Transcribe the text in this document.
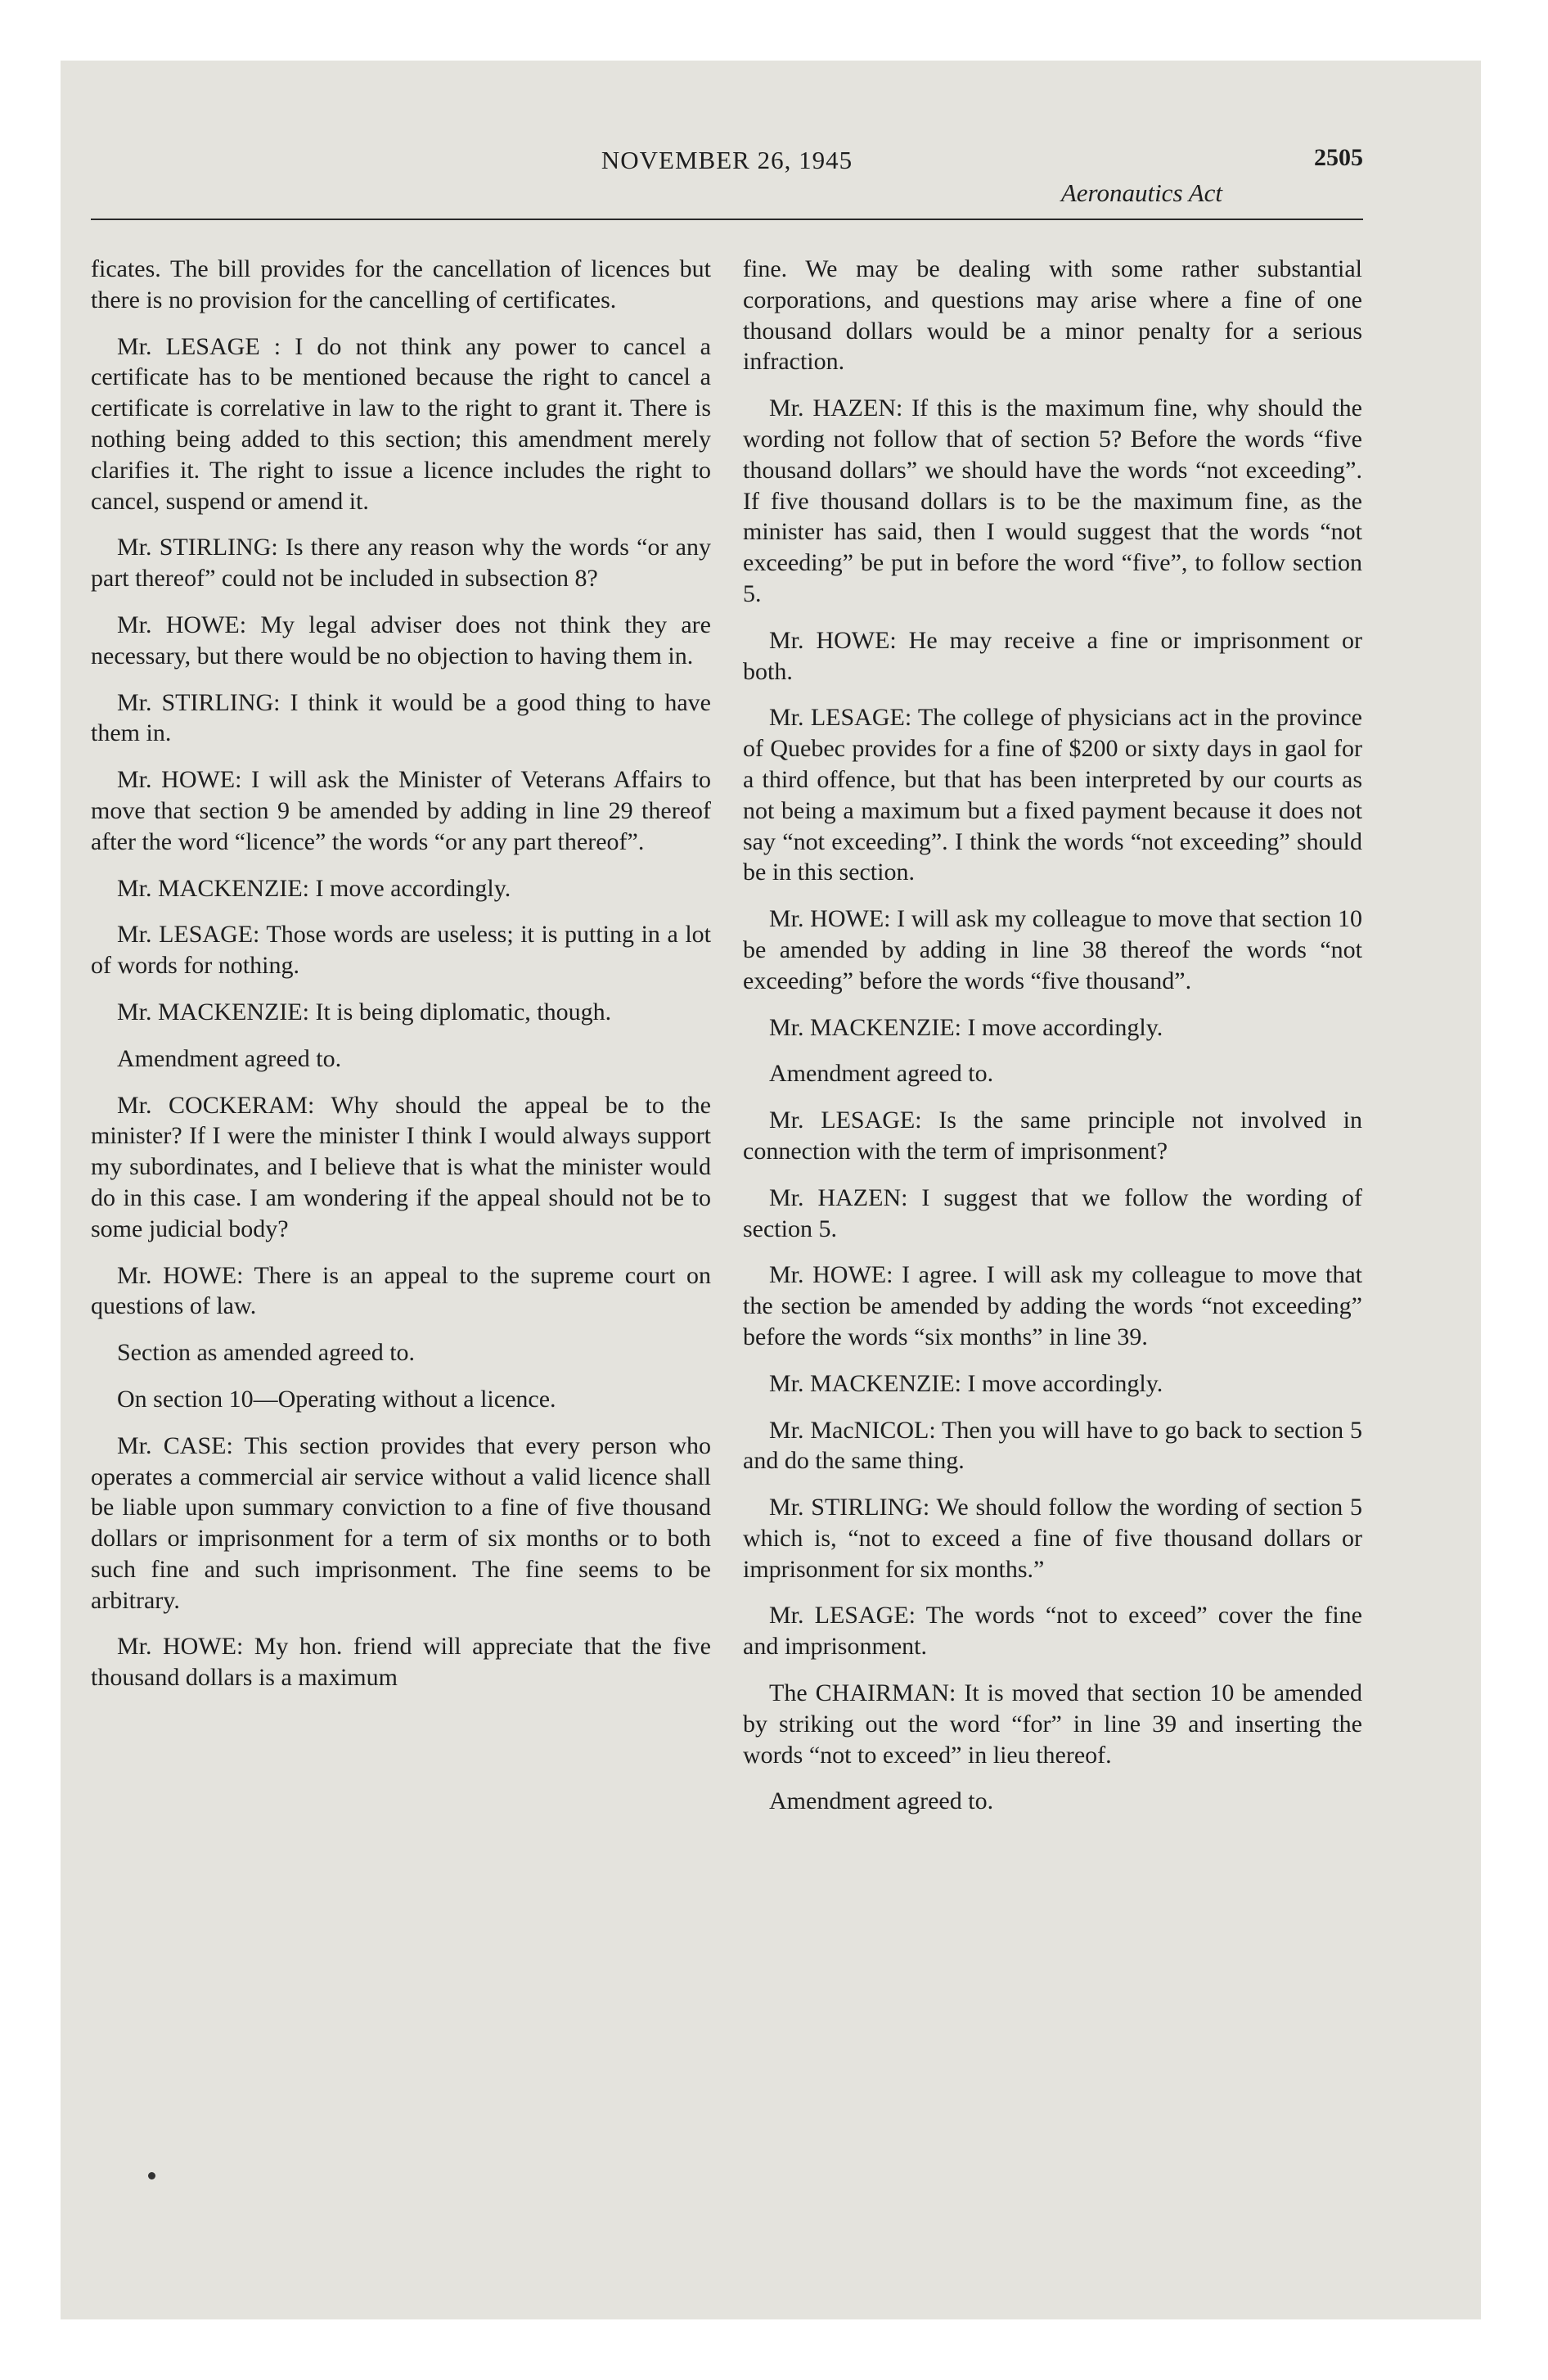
NOVEMBER 26, 1945	2505
Aeronautics Act

ficates. The bill provides for the cancellation of licences but there is no provision for the cancelling of certificates.

Mr. LESAGE : I do not think any power to cancel a certificate has to be mentioned because the right to cancel a certificate is correlative in law to the right to grant it. There is nothing being added to this section; this amendment merely clarifies it. The right to issue a licence includes the right to cancel, suspend or amend it.

Mr. STIRLING: Is there any reason why the words “or any part thereof” could not be included in subsection 8?

Mr. HOWE: My legal adviser does not think they are necessary, but there would be no objection to having them in.

Mr. STIRLING: I think it would be a good thing to have them in.

Mr. HOWE: I will ask the Minister of Veterans Affairs to move that section 9 be amended by adding in line 29 thereof after the word “licence” the words “or any part thereof”.

Mr. MACKENZIE: I move accordingly.

Mr. LESAGE: Those words are useless; it is putting in a lot of words for nothing.

Mr. MACKENZIE: It is being diplomatic, though.

Amendment agreed to.

Mr. COCKERAM: Why should the appeal be to the minister? If I were the minister I think I would always support my subordinates, and I believe that is what the minister would do in this case. I am wondering if the appeal should not be to some judicial body?

Mr. HOWE: There is an appeal to the supreme court on questions of law.

Section as amended agreed to.

On section 10—Operating without a licence.

Mr. CASE: This section provides that every person who operates a commercial air service without a valid licence shall be liable upon summary conviction to a fine of five thousand dollars or imprisonment for a term of six months or to both such fine and such imprisonment. The fine seems to be arbitrary.

Mr. HOWE: My hon. friend will appreciate that the five thousand dollars is a maximum

fine. We may be dealing with some rather substantial corporations, and questions may arise where a fine of one thousand dollars would be a minor penalty for a serious infraction.

Mr. HAZEN: If this is the maximum fine, why should the wording not follow that of section 5? Before the words “five thousand dollars” we should have the words “not exceeding”. If five thousand dollars is to be the maximum fine, as the minister has said, then I would suggest that the words “not exceeding” be put in before the word “five”, to follow section 5.

Mr. HOWE: He may receive a fine or imprisonment or both.

Mr. LESAGE: The college of physicians act in the province of Quebec provides for a fine of $200 or sixty days in gaol for a third offence, but that has been interpreted by our courts as not being a maximum but a fixed payment because it does not say “not exceeding”. I think the words “not exceeding” should be in this section.

Mr. HOWE: I will ask my colleague to move that section 10 be amended by adding in line 38 thereof the words “not exceeding” before the words “five thousand”.

Mr. MACKENZIE: I move accordingly.

Amendment agreed to.

Mr. LESAGE: Is the same principle not involved in connection with the term of imprisonment?

Mr. HAZEN: I suggest that we follow the wording of section 5.

Mr. HOWE: I agree. I will ask my colleague to move that the section be amended by adding the words “not exceeding” before the words “six months” in line 39.

Mr. MACKENZIE: I move accordingly.

Mr. MacNICOL: Then you will have to go back to section 5 and do the same thing.

Mr. STIRLING: We should follow the wording of section 5 which is, “not to exceed a fine of five thousand dollars or imprisonment for six months.”

Mr. LESAGE: The words “not to exceed” cover the fine and imprisonment.

The CHAIRMAN: It is moved that section 10 be amended by striking out the word “for” in line 39 and inserting the words “not to exceed” in lieu thereof.

Amendment agreed to.
